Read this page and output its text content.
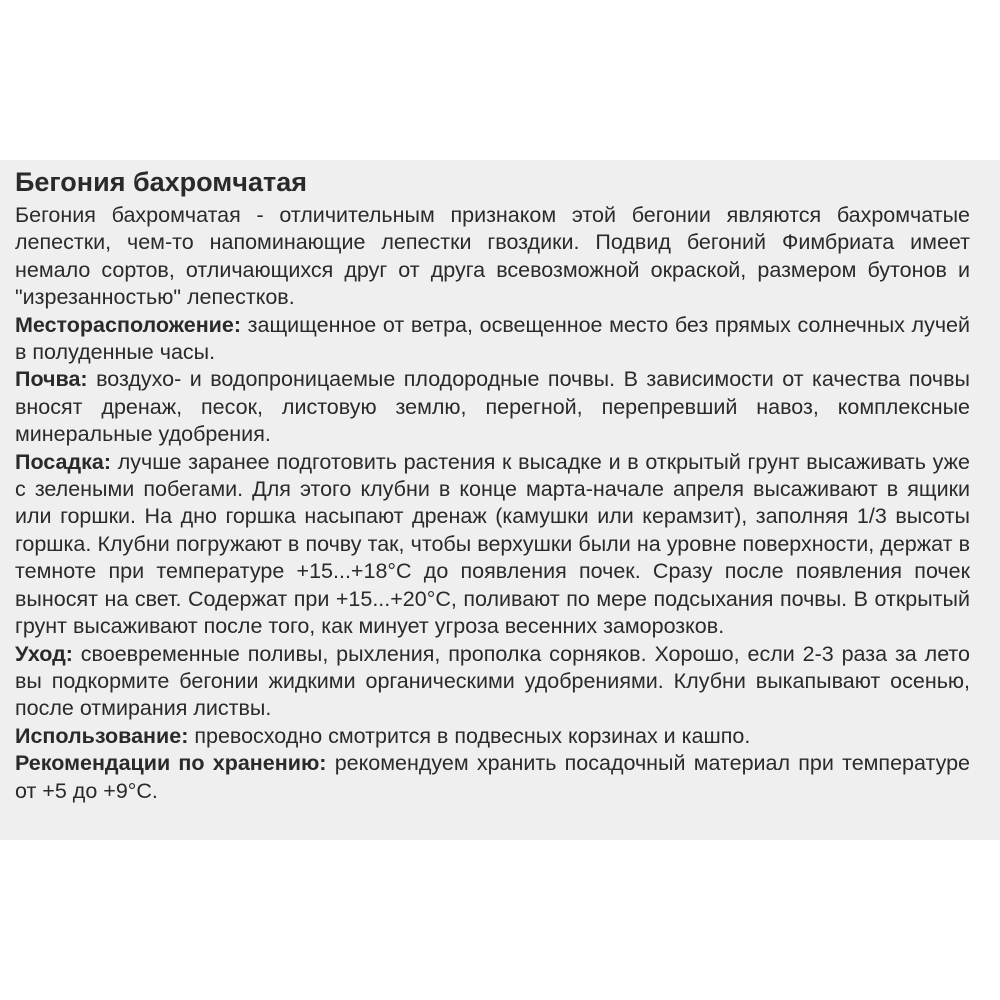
Бегония бахромчатая

Бегония бахромчатая - отличительным признаком этой бегонии являются бахромчатые лепестки, чем-то напоминающие лепестки гвоздики. Подвид бегоний Фимбриата имеет немало сортов, отличающихся друг от друга всевозможной окраской, размером бутонов и "изрезанностью" лепестков.

Месторасположение: защищенное от ветра, освещенное место без прямых солнечных лучей в полуденные часы.

Почва: воздухо- и водопроницаемые плодородные почвы. В зависимости от качества почвы вносят дренаж, песок, листовую землю, перегной, перепревший навоз, комплексные минеральные удобрения.

Посадка: лучше заранее подготовить растения к высадке и в открытый грунт высаживать уже с зелеными побегами. Для этого клубни в конце марта-начале апреля высаживают в ящики или горшки. На дно горшка насыпают дренаж (камушки или керамзит), заполняя 1/3 высоты горшка. Клубни погружают в почву так, чтобы верхушки были на уровне поверхности, держат в темноте при температуре +15...+18°С до появления почек. Сразу после появления почек выносят на свет. Содержат при +15...+20°С, поливают по мере подсыхания почвы. В открытый грунт высаживают после того, как минует угроза весенних заморозков.

Уход: своевременные поливы, рыхления, прополка сорняков. Хорошо, если 2-3 раза за лето вы подкормите бегонии жидкими органическими удобрениями. Клубни выкапывают осенью, после отмирания листвы.

Использование: превосходно смотрится в подвесных корзинах и кашпо.

Рекомендации по хранению: рекомендуем хранить посадочный материал при температуре от +5 до +9°С.
